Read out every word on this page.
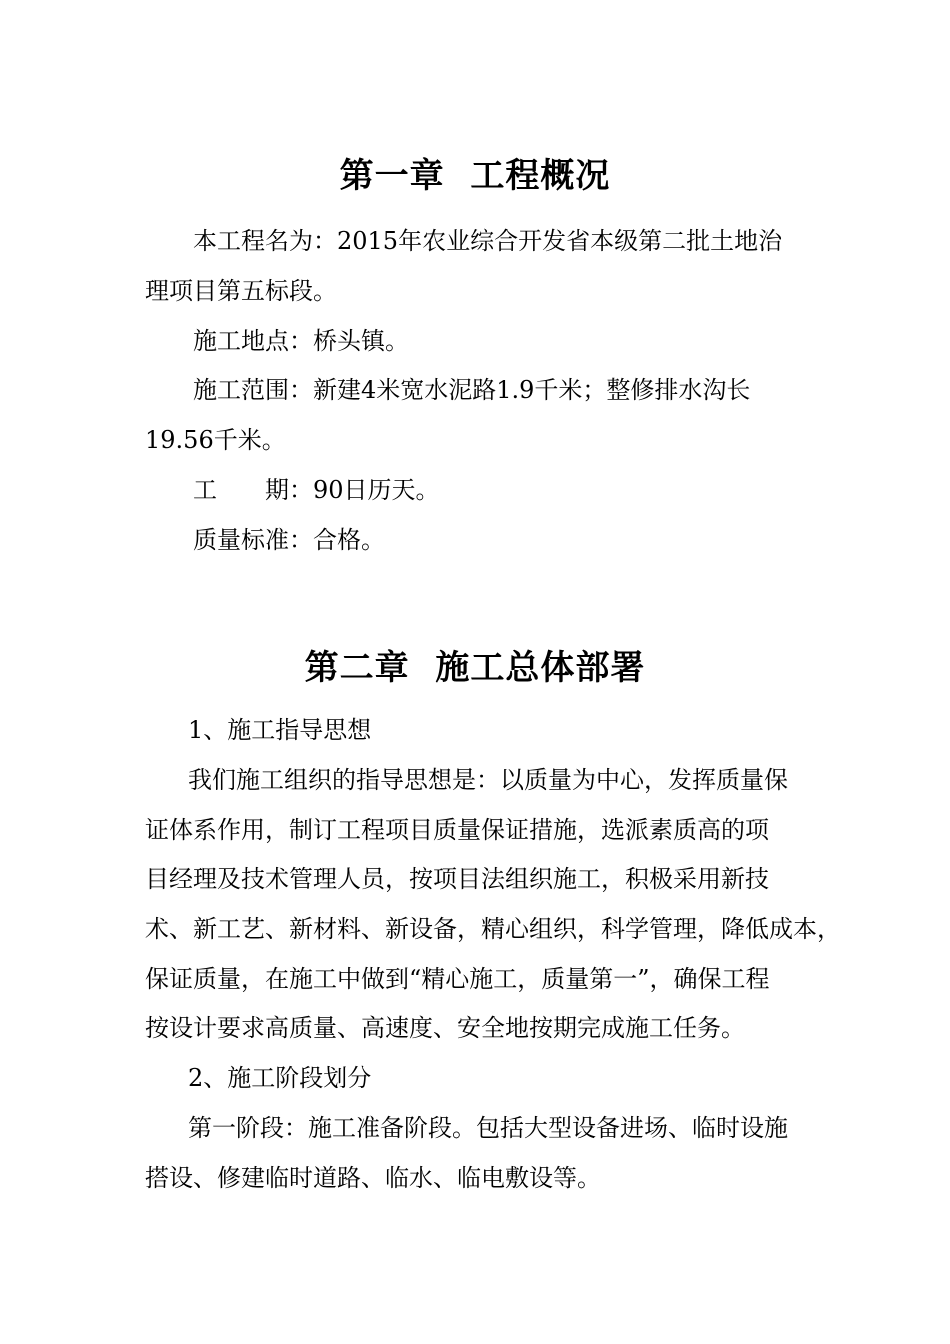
第一章  工程概况
本工程名为：2015年农业综合开发省本级第二批土地治
理项目第五标段。
施工地点：桥头镇。
施工范围：新建4米宽水泥路1.9千米；整修排水沟长
19.56千米。
工　　期：90日历天。
质量标准：合格。
第二章  施工总体部署
1、施工指导思想
我们施工组织的指导思想是：以质量为中心，发挥质量保
证体系作用，制订工程项目质量保证措施，选派素质高的项
目经理及技术管理人员，按项目法组织施工，积极采用新技
术、新工艺、新材料、新设备，精心组织，科学管理，降低成本，
保证质量，在施工中做到“精心施工，质量第一”，确保工程
按设计要求高质量、高速度、安全地按期完成施工任务。
2、施工阶段划分
第一阶段：施工准备阶段。包括大型设备进场、临时设施
搭设、修建临时道路、临水、临电敷设等。
